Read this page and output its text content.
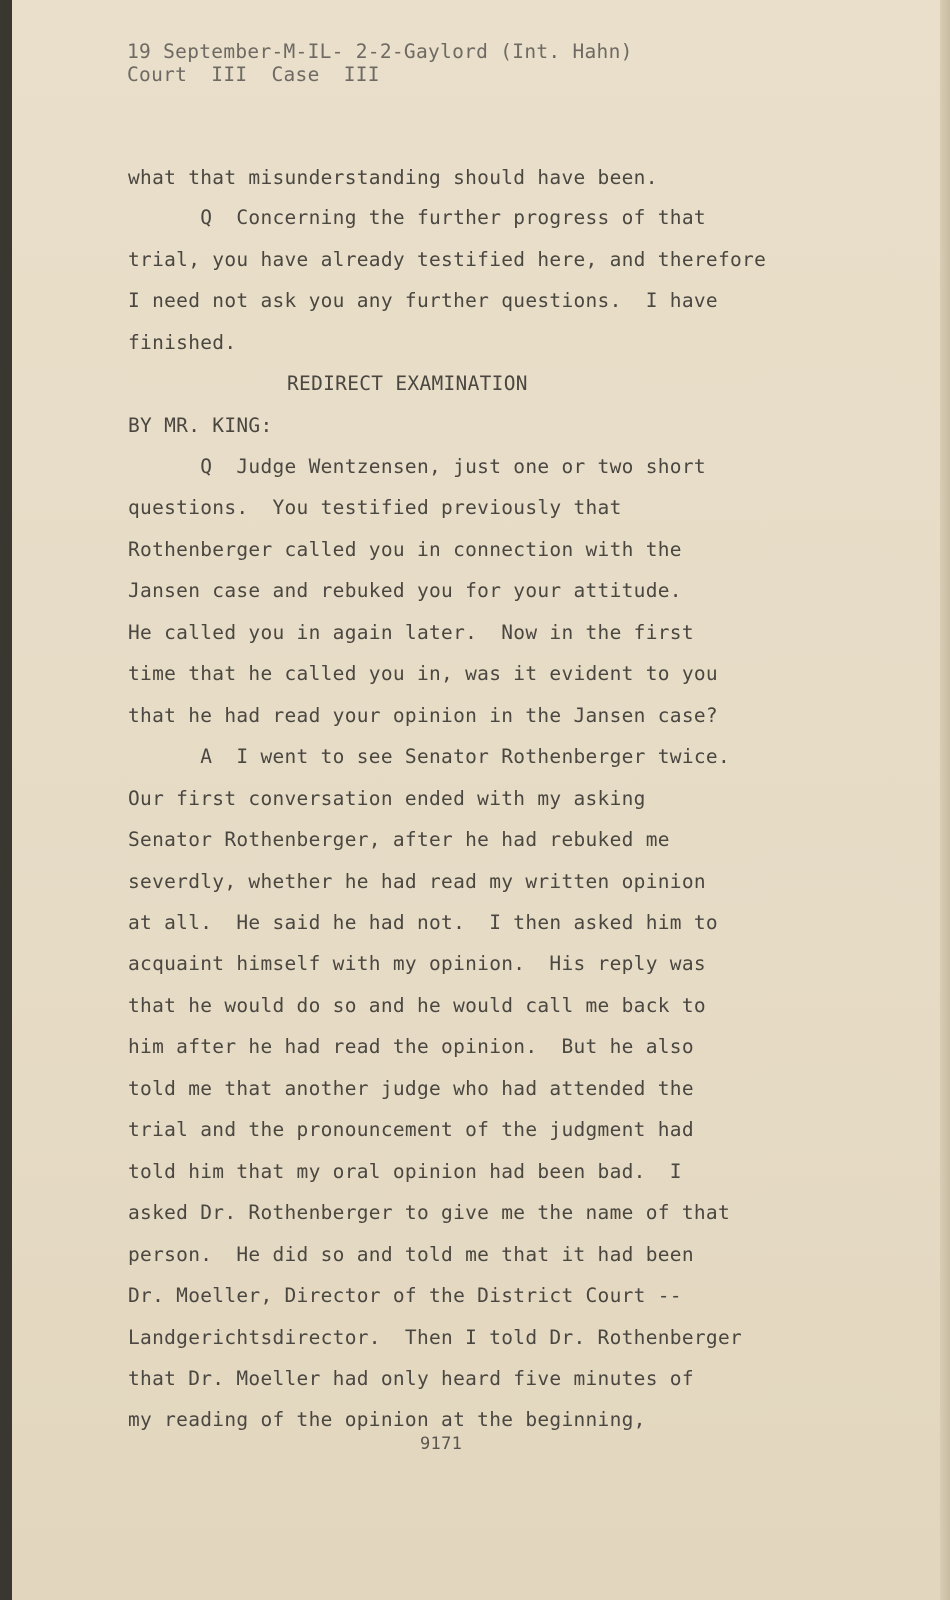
19 September-M-IL- 2-2-Gaylord (Int. Hahn)
Court  III  Case  III
what that misunderstanding should have been.
Q  Concerning the further progress of that
trial, you have already testified here, and therefore
I need not ask you any further questions.  I have
finished.
REDIRECT EXAMINATION
BY MR. KING:
Q  Judge Wentzensen, just one or two short
questions.  You testified previously that
Rothenberger called you in connection with the
Jansen case and rebuked you for your attitude.
He called you in again later.  Now in the first
time that he called you in, was it evident to you
that he had read your opinion in the Jansen case?
A  I went to see Senator Rothenberger twice.
Our first conversation ended with my asking
Senator Rothenberger, after he had rebuked me
severdly, whether he had read my written opinion
at all.  He said he had not.  I then asked him to
acquaint himself with my opinion.  His reply was
that he would do so and he would call me back to
him after he had read the opinion.  But he also
told me that another judge who had attended the
trial and the pronouncement of the judgment had
told him that my oral opinion had been bad.  I
asked Dr. Rothenberger to give me the name of that
person.  He did so and told me that it had been
Dr. Moeller, Director of the District Court --
Landgerichtsdirector.  Then I told Dr. Rothenberger
that Dr. Moeller had only heard five minutes of
my reading of the opinion at the beginning,
9171
